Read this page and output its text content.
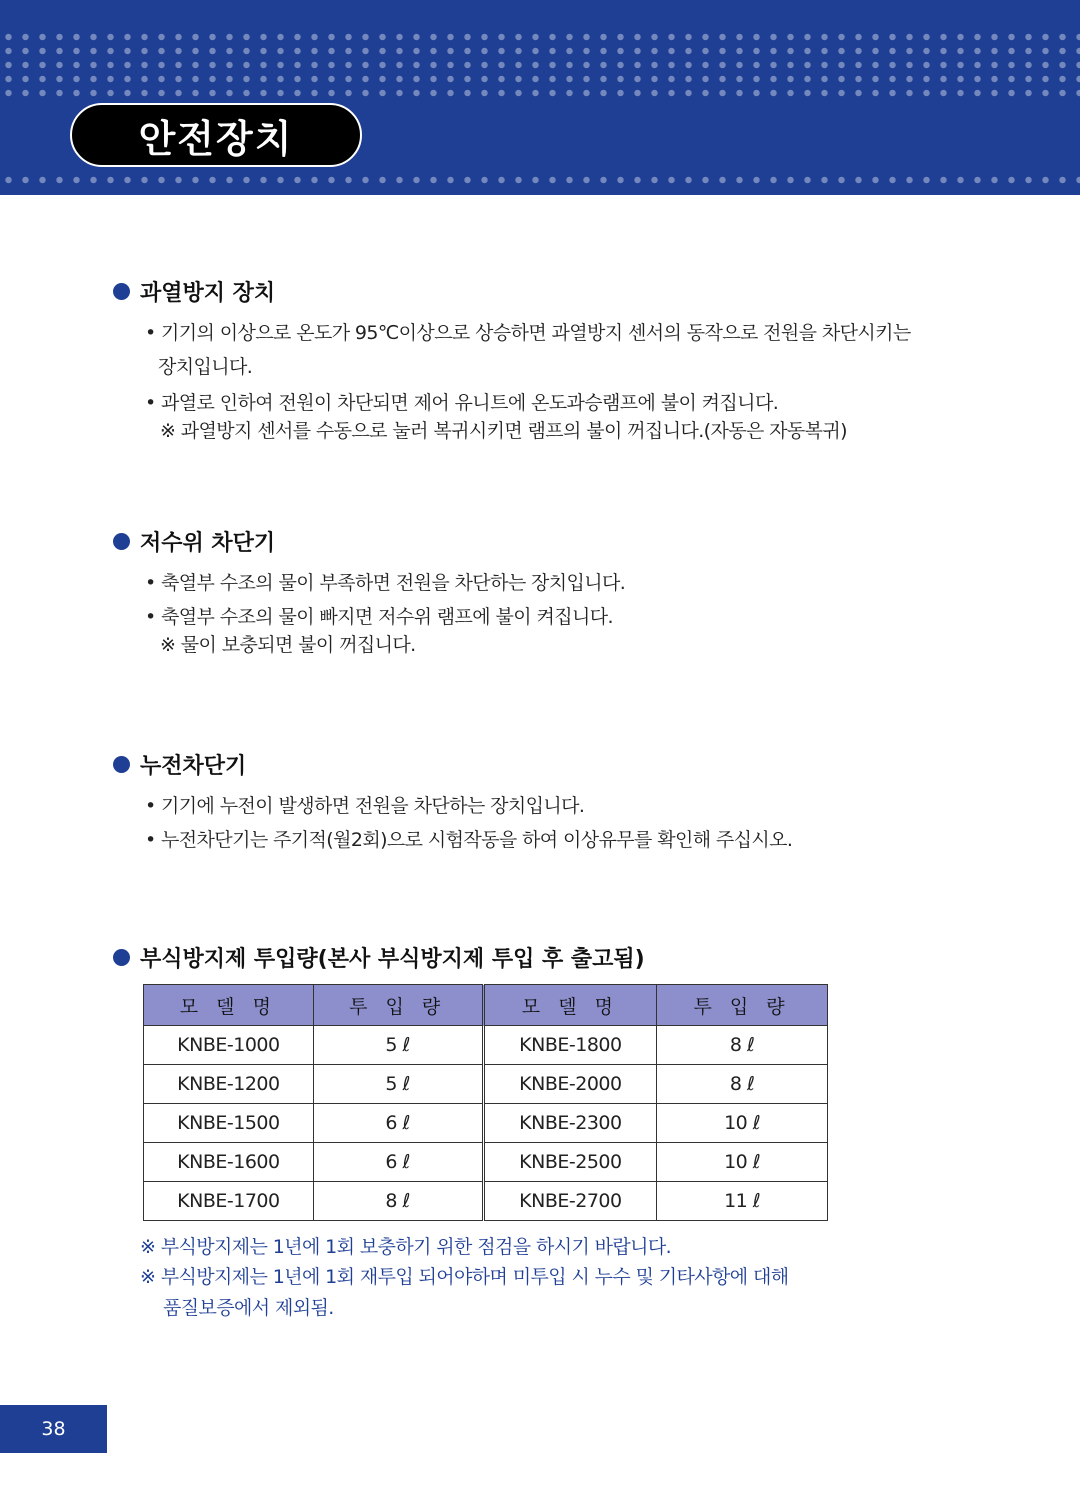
안전장치
과열방지 장치
• 기기의 이상으로 온도가 95℃이상으로 상승하면 과열방지 센서의 동작으로 전원을 차단시키는
장치입니다.
• 과열로 인하여 전원이 차단되면 제어 유니트에 온도과승램프에 불이 켜집니다.
※ 과열방지 센서를 수동으로 눌러 복귀시키면 램프의 불이 꺼집니다.(자동은 자동복귀)
저수위 차단기
• 축열부 수조의 물이 부족하면 전원을 차단하는 장치입니다.
• 축열부 수조의 물이 빠지면 저수위 램프에 불이 켜집니다.
※ 물이 보충되면 불이 꺼집니다.
누전차단기
• 기기에 누전이 발생하면 전원을 차단하는 장치입니다.
• 누전차단기는 주기적(월2회)으로 시험작동을 하여 이상유무를 확인해 주십시오.
부식방지제 투입량(본사 부식방지제 투입 후 출고됨)
모 델 명	투 입 량	모 델 명	투 입 량
KNBE-1000	5 ℓ	KNBE-1800	8 ℓ
KNBE-1200	5 ℓ	KNBE-2000	8 ℓ
KNBE-1500	6 ℓ	KNBE-2300	10 ℓ
KNBE-1600	6 ℓ	KNBE-2500	10 ℓ
KNBE-1700	8 ℓ	KNBE-2700	11 ℓ
※ 부식방지제는 1년에 1회 보충하기 위한 점검을 하시기 바랍니다.
※ 부식방지제는 1년에 1회 재투입 되어야하며 미투입 시 누수 및 기타사항에 대해
품질보증에서 제외됨.
38
